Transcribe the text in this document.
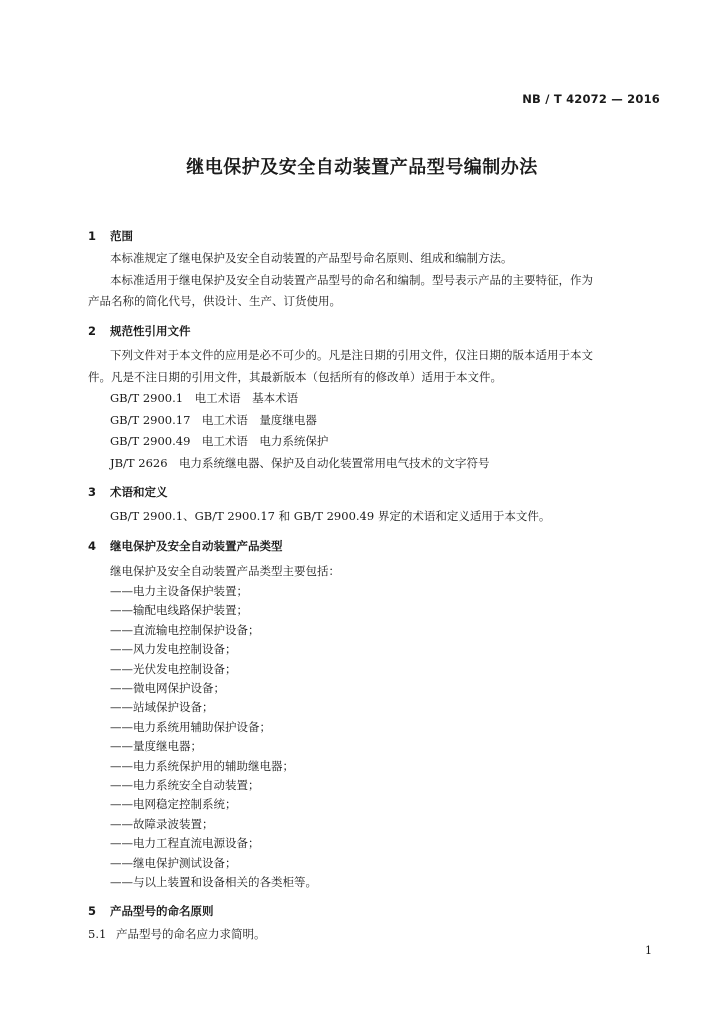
NB / T 42072 — 2016
继电保护及安全自动装置产品型号编制办法
1 范围
本标准规定了继电保护及安全自动装置的产品型号命名原则、组成和编制方法。
本标准适用于继电保护及安全自动装置产品型号的命名和编制。型号表示产品的主要特征，作为
产品名称的简化代号，供设计、生产、订货使用。
2 规范性引用文件
下列文件对于本文件的应用是必不可少的。凡是注日期的引用文件，仅注日期的版本适用于本文
件。凡是不注日期的引用文件，其最新版本（包括所有的修改单）适用于本文件。
GB/T 2900.1　电工术语　基本术语
GB/T 2900.17　电工术语　量度继电器
GB/T 2900.49　电工术语　电力系统保护
JB/T 2626　电力系统继电器、保护及自动化装置常用电气技术的文字符号
3 术语和定义
GB/T 2900.1、GB/T 2900.17 和 GB/T 2900.49 界定的术语和定义适用于本文件。
4 继电保护及安全自动装置产品类型
继电保护及安全自动装置产品类型主要包括：
——电力主设备保护装置；
——输配电线路保护装置；
——直流输电控制保护设备；
——风力发电控制设备；
——光伏发电控制设备；
——微电网保护设备；
——站域保护设备；
——电力系统用辅助保护设备；
——量度继电器；
——电力系统保护用的辅助继电器；
——电力系统安全自动装置；
——电网稳定控制系统；
——故障录波装置；
——电力工程直流电源设备；
——继电保护测试设备；
——与以上装置和设备相关的各类柜等。
5 产品型号的命名原则
5.1 产品型号的命名应力求简明。
1
